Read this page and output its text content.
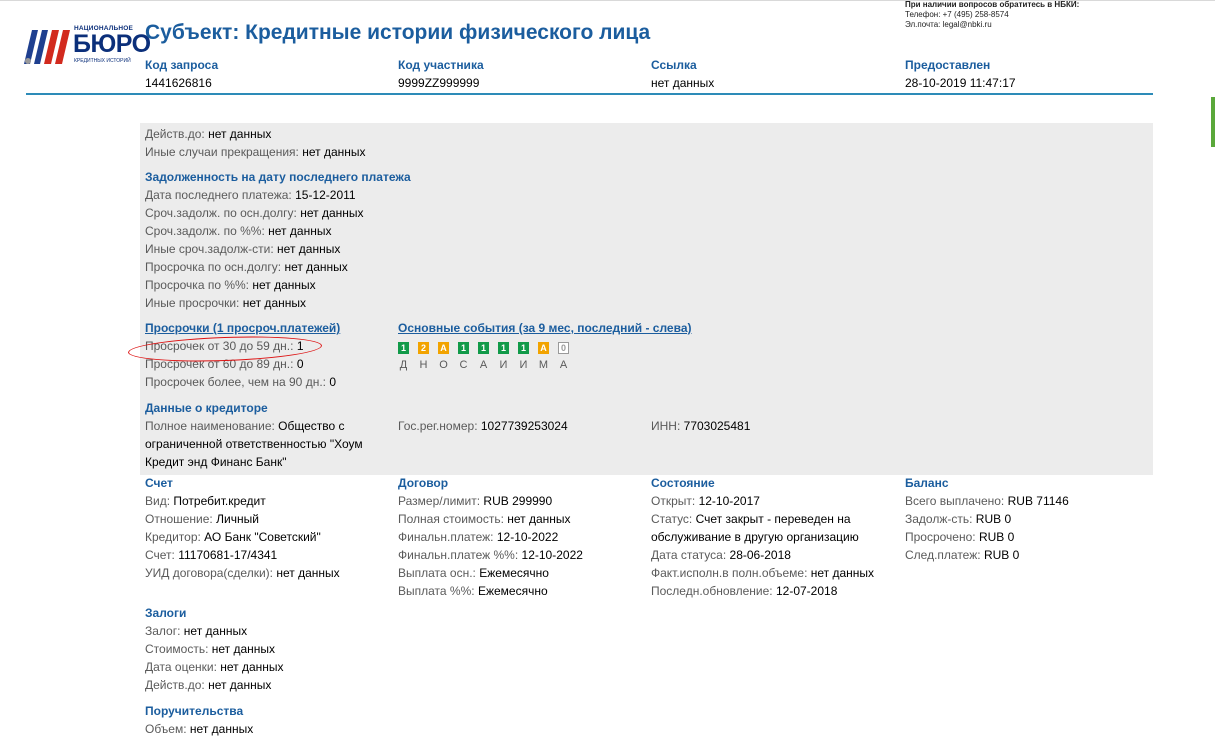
НАЦИОНАЛЬНОЕ
БЮРО
КРЕДИТНЫХ ИСТОРИЙ
Субъект: Кредитные истории физического лица
При наличии вопросов обратитесь в НБКИ:
Телефон: +7 (495) 258-8574
Эл.почта: legal@nbki.ru
Код запроса
1441626816
Код участника
9999ZZ999999
Ссылка
нет данных
Предоставлен
28-10-2019 11:47:17
Действ.до: нет данных
Иные случаи прекращения: нет данных
Задолженность на дату последнего платежа
Дата последнего платежа: 15-12-2011
Сроч.задолж. по осн.долгу: нет данных
Сроч.задолж. по %%: нет данных
Иные сроч.задолж-сти: нет данных
Просрочка по осн.долгу: нет данных
Просрочка по %%: нет данных
Иные просрочки: нет данных
Просрочки (1 просроч.платежей)
Просрочек от 30 до 59 дн.: 1
Просрочек от 60 до 89 дн.: 0
Просрочек более, чем на 90 дн.: 0
Основные события (за 9 мес, последний - слева)
1	2	A	1	1	1	1	A	0
Д Н О С А И И М А
Данные о кредиторе
Полное наименование: Общество с ограниченной ответственностью "Хоум Кредит энд Финанс Банк"
Гос.рег.номер: 1027739253024	ИНН: 7703025481
Счет
Вид: Потребит.кредит
Отношение: Личный
Кредитор: АО Банк "Советский"
Счет: 11170681-17/4341
УИД договора(сделки): нет данных
Договор
Размер/лимит: RUB 299990
Полная стоимость: нет данных
Финальн.платеж: 12-10-2022
Финальн.платеж %%: 12-10-2022
Выплата осн.: Ежемесячно
Выплата %%: Ежемесячно
Состояние
Открыт: 12-10-2017
Статус: Счет закрыт - переведен на обслуживание в другую организацию
Дата статуса: 28-06-2018
Факт.исполн.в полн.объеме: нет данных
Последн.обновление: 12-07-2018
Баланс
Всего выплачено: RUB 71146
Задолж-сть: RUB 0
Просрочено: RUB 0
След.платеж: RUB 0
Залоги
Залог: нет данных
Стоимость: нет данных
Дата оценки: нет данных
Действ.до: нет данных
Поручительства
Объем: нет данных
